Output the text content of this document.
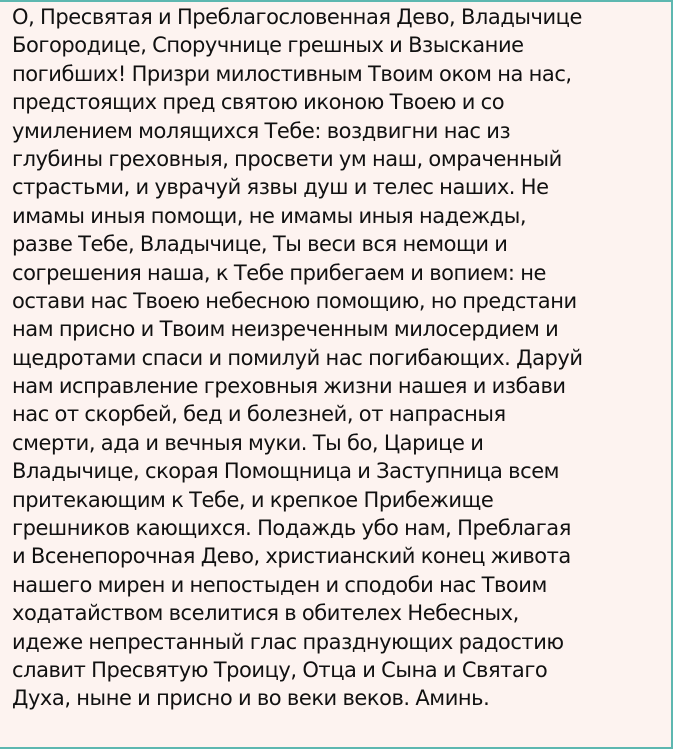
О, Пресвятая и Преблагословенная Дево, Владычице
Богородице, Споручнице грешных и Взыскание
погибших! Призри милостивным Твоим оком на нас,
предстоящих пред святою иконою Твоею и со
умилением молящихся Тебе: воздвигни нас из
глубины греховныя, просвети ум наш, омраченный
страстьми, и уврачуй язвы душ и телес наших. Не
имамы иныя помощи, не имамы иныя надежды,
разве Тебе, Владычице, Ты веси вся немощи и
согрешения наша, к Тебе прибегаем и вопием: не
остави нас Твоею небесною помощию, но предстани
нам присно и Твоим неизреченным милосердием и
щедротами спаси и помилуй нас погибающих. Даруй
нам исправление греховныя жизни нашея и избави
нас от скорбей, бед и болезней, от напрасныя
смерти, ада и вечныя муки. Ты бо, Царице и
Владычице, скорая Помощница и Заступница всем
притекающим к Тебе, и крепкое Прибежище
грешников кающихся. Подаждь убо нам, Преблагая
и Всенепорочная Дево, христианский конец живота
нашего мирен и непостыден и сподоби нас Твоим
ходатайством вселитися в обителех Небесных,
идеже непрестанный глас празднующих радостию
славит Пресвятую Троицу, Отца и Сына и Святаго
Духа, ныне и присно и во веки веков. Аминь.
